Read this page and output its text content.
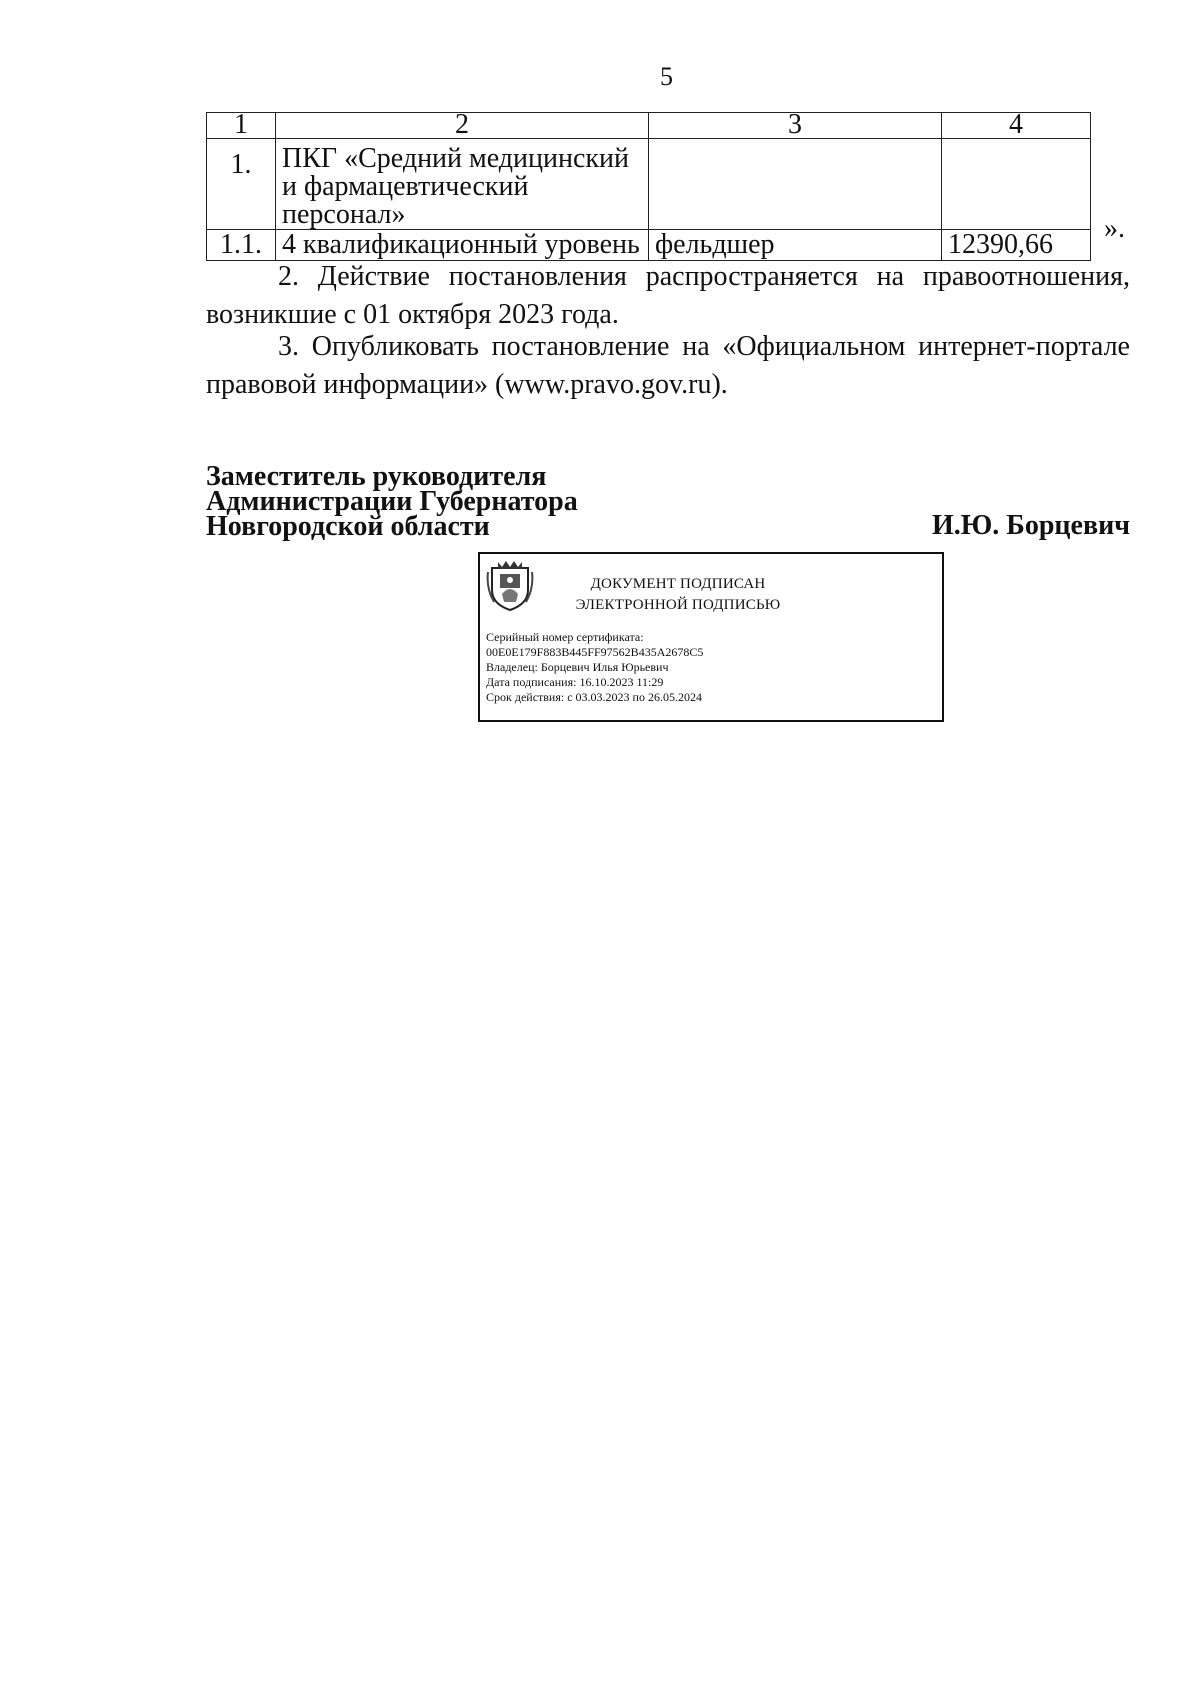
5
1	2	3	4
1.	ПКГ «Средний медицинский и фармацевтический персонал»		
1.1.	4 квалификационный уровень	фельдшер	12390,66
».

2. Действие постановления распространяется на правоотношения, возникшие с 01 октября 2023 года.

3. Опубликовать постановление на «Официальном интернет-портале правовой информации» (www.pravo.gov.ru).

Заместитель руководителя
Администрации Губернатора
Новгородской области	И.Ю. Борцевич
ДОКУМЕНТ ПОДПИСАН
ЭЛЕКТРОННОЙ ПОДПИСЬЮ
Серийный номер сертификата:
00E0E179F883B445FF97562B435A2678C5
Владелец: Борцевич Илья Юрьевич
Дата подписания: 16.10.2023 11:29
Срок действия: с 03.03.2023 по 26.05.2024
